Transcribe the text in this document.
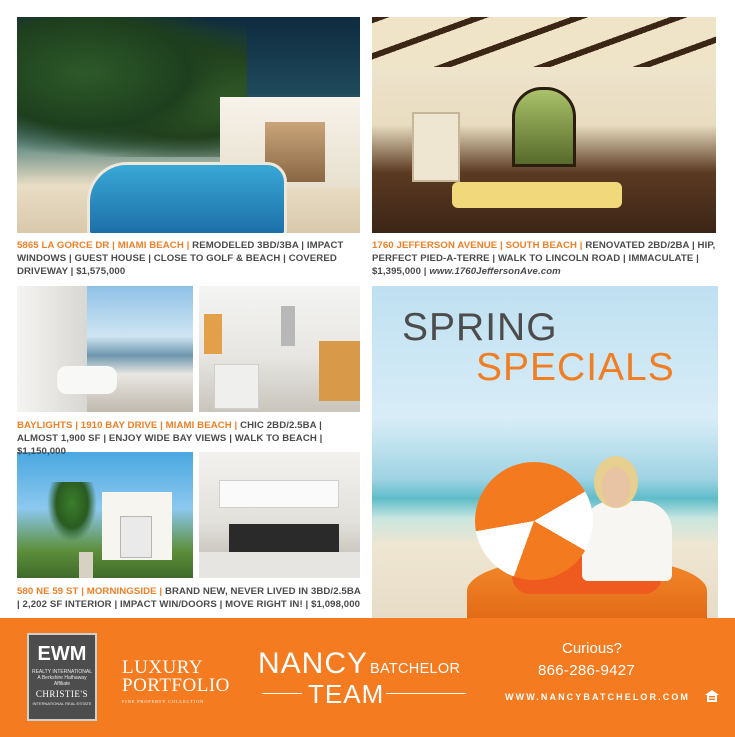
5865 LA GORCE DR | MIAMI BEACH | REMODELED 3BD/3BA | IMPACT WINDOWS | GUEST HOUSE | CLOSE TO GOLF & BEACH | COVERED DRIVEWAY | $1,575,000
1760 JEFFERSON AVENUE | SOUTH BEACH | RENOVATED 2BD/2BA | HIP, PERFECT PIED-A-TERRE | WALK TO LINCOLN ROAD | IMMACULATE | $1,395,000 | www.1760JeffersonAve.com
BAYLIGHTS | 1910 BAY DRIVE | MIAMI BEACH | CHIC 2BD/2.5BA | ALMOST 1,900 SF | ENJOY WIDE BAY VIEWS | WALK TO BEACH | $1,150,000
580 NE 59 ST | MORNINGSIDE | BRAND NEW, NEVER LIVED IN 3BD/2.5BA | 2,202 SF INTERIOR | IMPACT WIN/DOORS | MOVE RIGHT IN! | $1,098,000
SPRING
SPECIALS
EWM
REALTY INTERNATIONAL
A Berkshire Hathaway Affiliate
CHRISTIE'S
INTERNATIONAL REAL ESTATE
LUXURY
PORTFOLIO
FINE PROPERTY COLLECTION
NANCY BATCHELOR
TEAM
Curious?
866-286-9427
WWW.NANCYBATCHELOR.COM
